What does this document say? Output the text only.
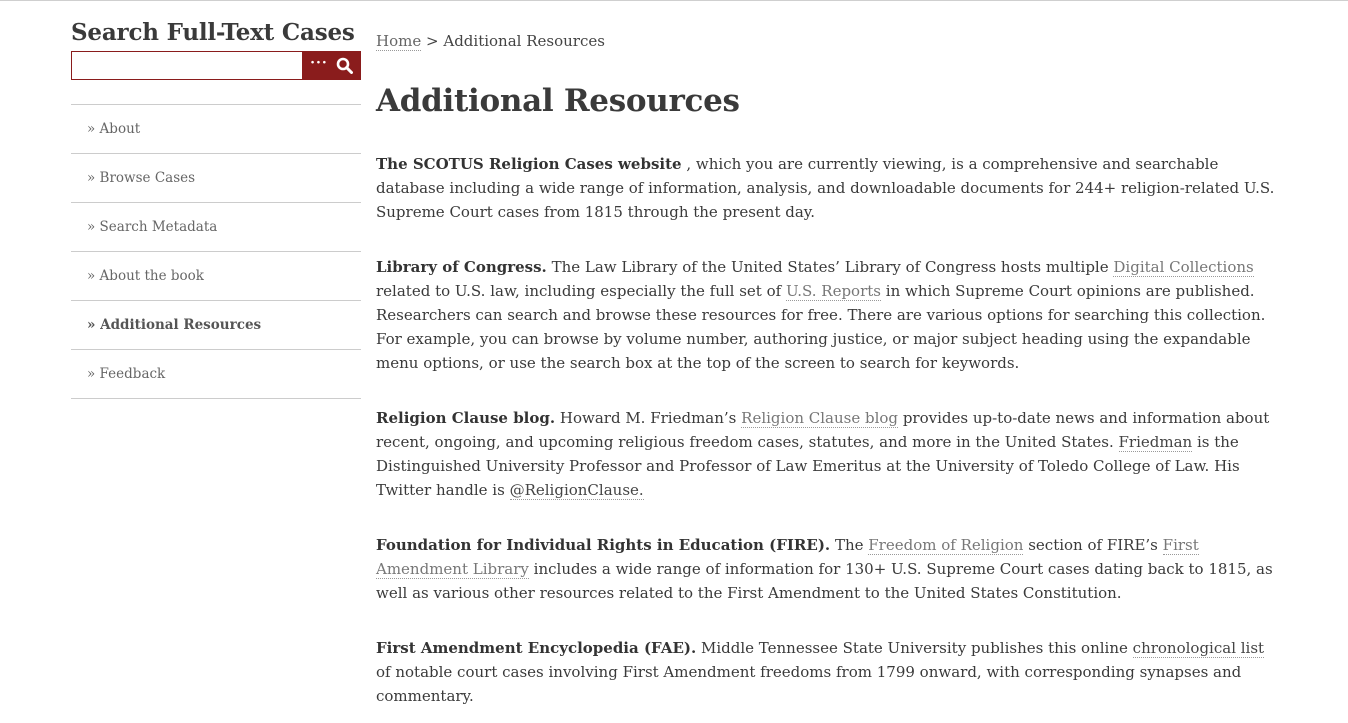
Search Full-Text Cases
···
» About
» Browse Cases
» Search Metadata
» About the book
» Additional Resources
» Feedback
Home > Additional Resources
Additional Resources

The SCOTUS Religion Cases website , which you are currently viewing, is a comprehensive and searchable database including a wide range of information, analysis, and downloadable documents for 244+ religion-related U.S. Supreme Court cases from 1815 through the present day.

Library of Congress. The Law Library of the United States’ Library of Congress hosts multiple Digital Collections related to U.S. law, including especially the full set of U.S. Reports in which Supreme Court opinions are published. Researchers can search and browse these resources for free. There are various options for searching this collection. For example, you can browse by volume number, authoring justice, or major subject heading using the expandable menu options, or use the search box at the top of the screen to search for keywords.

Religion Clause blog. Howard M. Friedman’s Religion Clause blog provides up-to-date news and information about recent, ongoing, and upcoming religious freedom cases, statutes, and more in the United States. Friedman is the Distinguished University Professor and Professor of Law Emeritus at the University of Toledo College of Law. His Twitter handle is @ReligionClause.

Foundation for Individual Rights in Education (FIRE). The Freedom of Religion section of FIRE’s First Amendment Library includes a wide range of information for 130+ U.S. Supreme Court cases dating back to 1815, as well as various other resources related to the First Amendment to the United States Constitution.

First Amendment Encyclopedia (FAE). Middle Tennessee State University publishes this online chronological list of notable court cases involving First Amendment freedoms from 1799 onward, with corresponding synapses and commentary.
